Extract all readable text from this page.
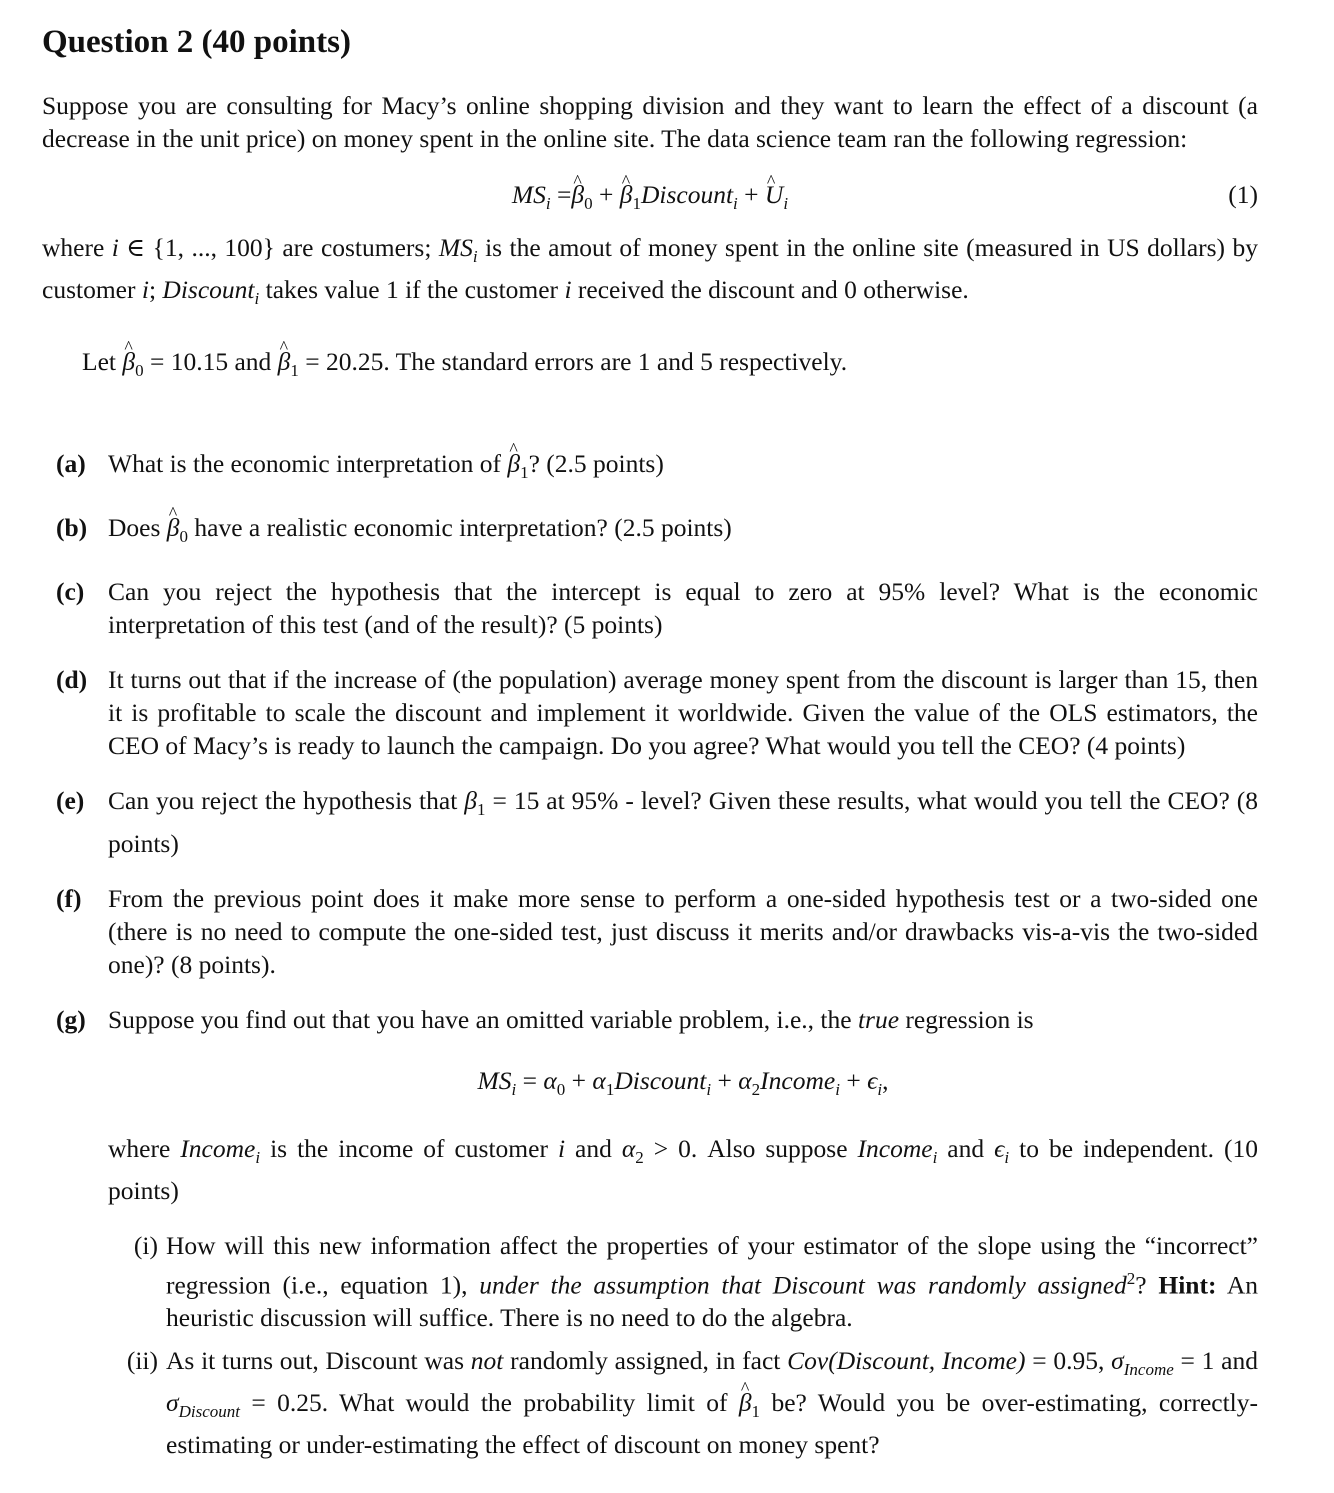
Question 2 (40 points)
Suppose you are consulting for Macy’s online shopping division and they want to learn the effect of a discount (a decrease in the unit price) on money spent in the online site. The data science team ran the following regression:
$MS_i$ =^ $\beta_0$ + ^ $\beta_1Discount_i$ + ^ $U_i$	(1)
where i ∈ {1, ..., 100} are costumers; $MS_i$ is the amout of money spent in the online site (measured in US dollars) by customer i; Discount$_i$ takes value 1 if the customer i received the discount and 0 otherwise.
Let ^ $\beta_0 = 10.15$ and ^ $\beta_1 = 20.25$. The standard errors are 1 and 5 respectively.
(a) What is the economic interpretation of ^ $\beta_1$? (2.5 points)
(b) Does ^ $\beta_0$ have a realistic economic interpretation? (2.5 points)
(c) Can you reject the hypothesis that the intercept is equal to zero at 95% level? What is the economic interpretation of this test (and of the result)? (5 points)
(d) It turns out that if the increase of (the population) average money spent from the discount is larger than 15, then it is profitable to scale the discount and implement it worldwide. Given the value of the OLS estimators, the CEO of Macy’s is ready to launch the campaign. Do you agree? What would you tell the CEO? (4 points)
(e) Can you reject the hypothesis that $\beta_1 = 15$ at 95% - level? Given these results, what would you tell the CEO? (8 points)
(f)	From the previous point does it make more sense to perform a one-sided hypothesis test or a two-sided one (there is no need to compute the one-sided test, just discuss it merits and/or drawbacks vis-a-vis the two-sided one)? (8 points).
(g) Suppose you find out that you have an omitted variable problem, i.e., the true regression is
$MS_i = \alpha_0$ + $\alpha_1Discount_i$ + $\alpha_2Income_i + \epsilon_i$,
where Income$_i$ is the income of customer i and $\alpha_2 > 0$. Also suppose Income$_i$ and $\epsilon_i$ to be independent. (10 points)
(i) How will this new information affect the properties of your estimator of the slope using the “incorrect” regression (i.e., equation 1), under the assumption that Discount was randomly assigned$^2$? Hint: An heuristic discussion will suffice. There is no need to do the algebra.
(ii) As it turns out, Discount was not randomly assigned, in fact Cov(Discount, Income) = 0.95, $\sigma_{Income} = 1$ and $\sigma_{Discount} = 0.25$. What would the probability limit of ^ $\beta_1$ be? Would you be over-estimating, correctly-estimating or under-estimating the effect of discount on money spent?
